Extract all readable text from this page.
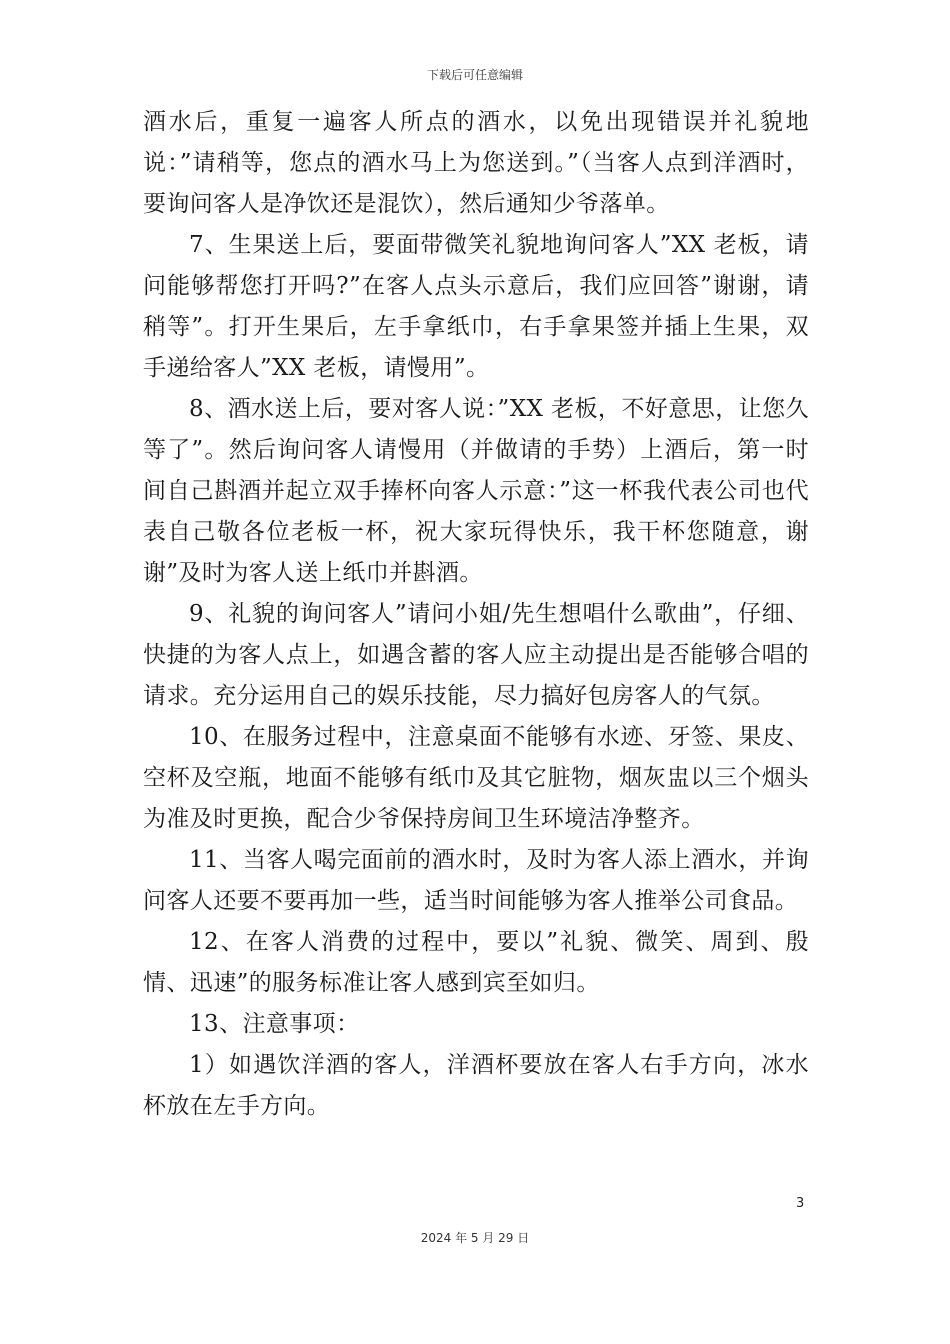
下载后可任意编辑

酒水后，重复一遍客人所点的酒水，以免出现错误并礼貌地说：”请稍等，您点的酒水马上为您送到。”（当客人点到洋酒时，要询问客人是净饮还是混饮），然后通知少爷落单。

7、生果送上后，要面带微笑礼貌地询问客人”XX 老板，请问能够帮您打开吗?”在客人点头示意后，我们应回答”谢谢，请稍等”。打开生果后，左手拿纸巾，右手拿果签并插上生果，双手递给客人”XX 老板，请慢用”。

8、酒水送上后，要对客人说：”XX 老板，不好意思，让您久等了”。然后询问客人请慢用（并做请的手势）上酒后，第一时间自己斟酒并起立双手捧杯向客人示意：”这一杯我代表公司也代表自己敬各位老板一杯，祝大家玩得快乐，我干杯您随意，谢谢”及时为客人送上纸巾并斟酒。

9、礼貌的询问客人”请问小姐/先生想唱什么歌曲”，仔细、快捷的为客人点上，如遇含蓄的客人应主动提出是否能够合唱的请求。充分运用自己的娱乐技能，尽力搞好包房客人的气氛。

10、在服务过程中，注意桌面不能够有水迹、牙签、果皮、空杯及空瓶，地面不能够有纸巾及其它脏物，烟灰盅以三个烟头为准及时更换，配合少爷保持房间卫生环境洁净整齐。

11、当客人喝完面前的酒水时，及时为客人添上酒水，并询问客人还要不要再加一些，适当时间能够为客人推举公司食品。

12、在客人消费的过程中，要以”礼貌、微笑、周到、殷情、迅速”的服务标准让客人感到宾至如归。

13、注意事项：

1）如遇饮洋酒的客人，洋酒杯要放在客人右手方向，冰水杯放在左手方向。

3
2024 年 5 月 29 日
